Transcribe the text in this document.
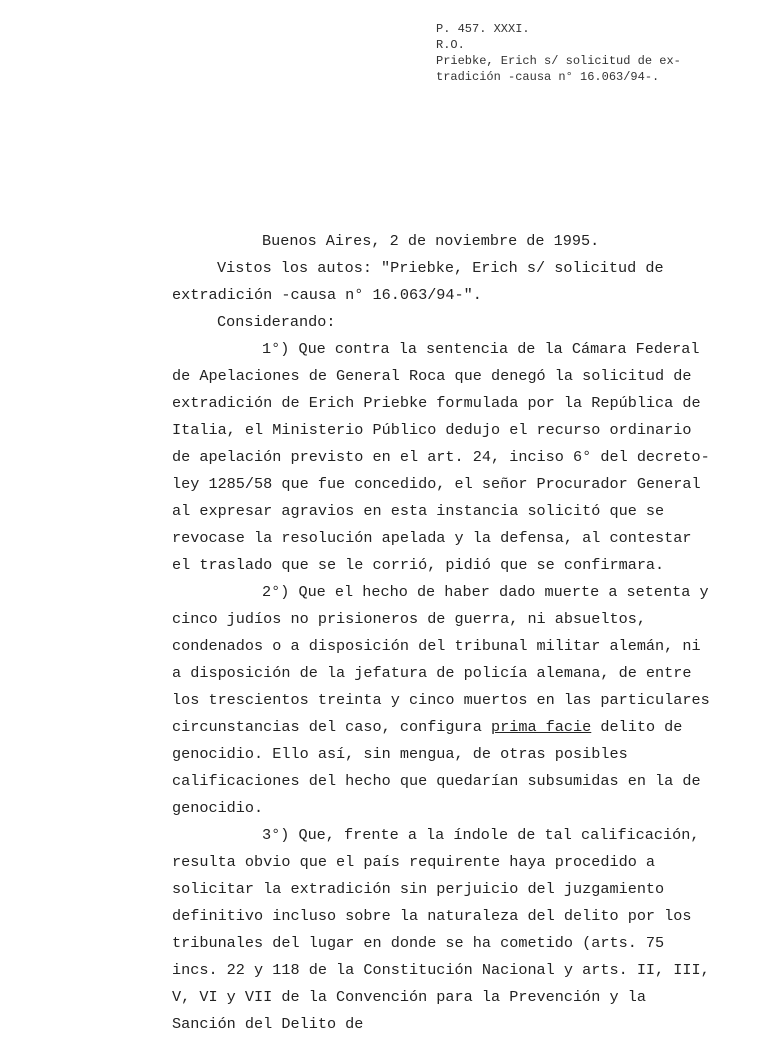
P. 457. XXXI.
R.O.
Priebke, Erich s/ solicitud de ex-
tradición -causa n° 16.063/94-.
Buenos Aires, 2 de noviembre de 1995.
Vistos los autos: "Priebke, Erich s/ solicitud de
extradición -causa n° 16.063/94-".
Considerando:
1°) Que contra la sentencia de la Cámara Federal
de Apelaciones de General Roca que denegó la solicitud de
extradición de Erich Priebke formulada por la República de
Italia, el Ministerio Público dedujo el recurso ordinario
de apelación previsto en el art. 24, inciso 6° del decreto-
ley 1285/58 que fue concedido, el señor Procurador General
al expresar agravios en esta instancia solicitó que se
revocase la resolución apelada y la defensa, al contestar
el traslado que se le corrió, pidió que se confirmara.
2°) Que el hecho de haber dado muerte a setenta y
cinco judíos no prisioneros de guerra, ni absueltos,
condenados o a disposición del tribunal militar alemán, ni
a disposición de la jefatura de policía alemana, de entre
los trescientos treinta y cinco muertos en las particulares
circunstancias del caso, configura prima facie delito de
genocidio. Ello así, sin mengua, de otras posibles
calificaciones del hecho que quedarían subsumidas en la de
genocidio.
3°) Que, frente a la índole de tal calificación,
resulta obvio que el país requirente haya procedido a
solicitar la extradición sin perjuicio del juzgamiento
definitivo incluso sobre la naturaleza del delito por los
tribunales del lugar en donde se ha cometido (arts. 75
incs. 22 y 118 de la Constitución Nacional y arts. II, III,
V, VI y VII de la Convención para la Prevención y la
Sanción del Delito de
